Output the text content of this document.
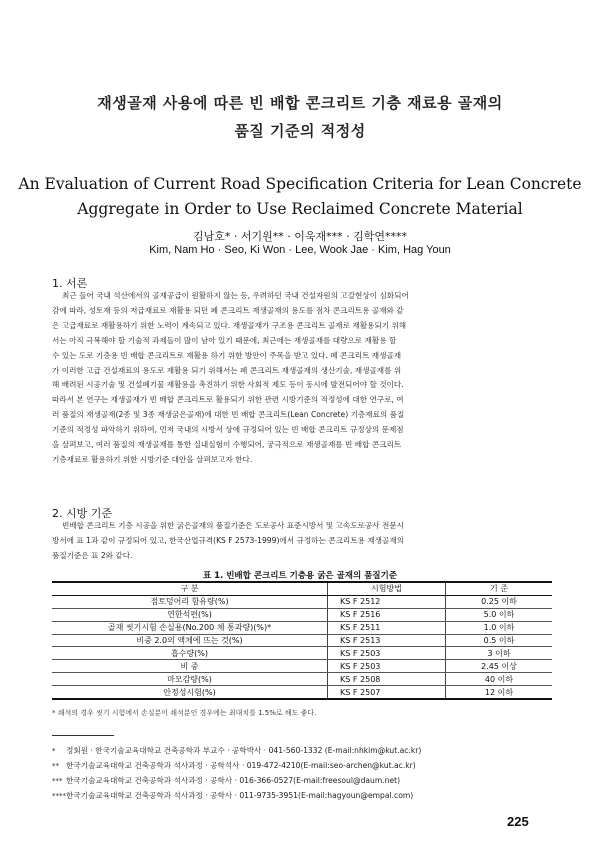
재생골재 사용에 따른 빈 배합 콘크리트 기층 재료용 골재의
품질 기준의 적정성
An Evaluation of Current Road Specification Criteria for Lean Concrete
Aggregate in Order to Use Reclaimed Concrete Material
김남호* · 서기원** · 이욱재*** · 김학연****
Kim, Nam Ho · Seo, Ki Won · Lee, Wook Jae · Kim, Hag Youn
1. 서론
최근 들어 국내 석산에서의 골재공급이 원활하지 않는 등, 우려하던 국내 건설자원의 고갈현상이 심화되어
감에 따라, 성토재 등의 저급재료로 재활용 되던 폐 콘크리트 재생골재의 용도를 점차 콘크리트용 골재와 같
은 고급재료로 재활용하기 위한 노력이 계속되고 있다. 재생골재가 구조용 콘크리트 골재로 재활용되기 위해
서는 아직 극복해야 할 기술적 과제들이 많이 남아 있기 때문에, 최근에는 재생골재를 대량으로 재활용 할
수 있는 도로 기층용 빈 배합 콘크리트로 재활용 하기 위한 방안이 주목을 받고 있다. 폐 콘크리트 재생골재
가 이러한 고급 건설재료의 용도로 재활용 되기 위해서는 폐 콘크리트 재생골재의 생산기술, 재생골재를 위
해 배려된 시공기술 및 건설폐기물 재활용을 촉진하기 위한 사회적 제도 등이 동시에 발전되어야 할 것이다.
따라서 본 연구는 재생골재가 빈 배합 콘크리트로 활용되기 위한 관련 시방기준의 적정성에 대한 연구로, 여
러 품질의 재생골재(2종 및 3종 재생굵은골재)에 대한 빈 배합 콘크리트(Lean Concrete) 기층재료의 품질
기준의 적정성 파악하기 위하여, 먼저 국내의 시방서 상에 규정되어 있는 빈 배합 콘크리트 규정상의 문제점
을 살펴보고, 여러 품질의 재생골재를 통한 실내실험이 수행되어, 궁극적으로 재생골재를 빈 배합 콘크리트
기층재료로 활용하기 위한 시방기준 대안을 살펴보고자 한다.
2. 시방 기준
빈배합 콘크리트 기층 시공을 위한 굵은골재의 품질기준은 도로공사 표준시방서 및 고속도로공사 전문시
방서에 표 1과 같이 규정되어 있고, 한국산업규격(KS F 2573-1999)에서 규정하는 콘크리트용 재생골재의
품질기준은 표 2와 같다.
표 1. 빈배합 콘크리트 기층용 굵은 골재의 품질기준
구 분	시험방법	기 준
점토덩어리 함유량(%)	KS F 2512	0.25 이하
연한석편(%)	KS F 2516	5.0 이하
골재 씻기시험 손실용(No.200 체 통과량)(%)*	KS F 2511	1.0 이하
비중 2.0의 액체에 뜨는 것(%)	KS F 2513	0.5 이하
흡수량(%)	KS F 2503	3 이하
비 중	KS F 2503	2.45 이상
마모감량(%)	KS F 2508	40 이하
안정성시험(%)	KS F 2507	12 이하
* 쇄석의 경우 씻기 시험에서 손실분이 쇄석분인 경우에는 최대치를 1.5%로 해도 좋다.
* 정회원 · 한국기술교육대학교 건축공학과 부교수 · 공학박사 · 041-560-1332 (E-mail:nhkim@kut.ac.kr)
** 한국기술교육대학교 건축공학과 석사과정 · 공학석사 · 019-472-4210(E-mail:seo-archen@kut.ac.kr)
*** 한국기술교육대학교 건축공학과 석사과정 · 공학사 · 016-366-0527(E-mail:freesoul@daum.net)
****한국기술교육대학교 건축공학과 석사과정 · 공학사 · 011-9735-3951(E-mail:hagyoun@empal.com)
225
